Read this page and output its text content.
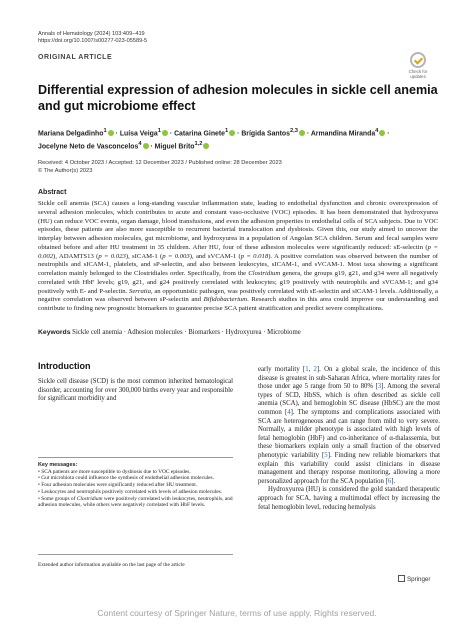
Annals of Hematology (2024) 103:409–419
https://doi.org/10.1007/s00277-023-05589-5
ORIGINAL ARTICLE
Check for
updates
Differential expression of adhesion molecules in sickle cell anemia and gut microbiome effect
Mariana Delgadinho$^1$ · Luísa Veiga$^1$ · Catarina Ginete$^1$ · Brígida Santos$^{2,3}$ · Armandina Miranda$^4$ ·
Jocelyne Neto de Vasconcelos$^4$ · Miguel Brito$^{1,2}$
Received: 4 October 2023 / Accepted: 12 December 2023 / Published online: 28 December 2023
© The Author(s) 2023
Abstract
Sickle cell anemia (SCA) causes a long-standing vascular inflammation state, leading to endothelial dysfunction and chronic overexpression of several adhesion molecules, which contributes to acute and constant vaso-occlusive (VOC) episodes. It has been demonstrated that hydroxyurea (HU) can reduce VOC events, organ damage, blood transfusions, and even the adhesion properties to endothelial cells of SCA subjects. Due to VOC episodes, these patients are also more susceptible to recurrent bacterial translocation and dysbiosis. Given this, our study aimed to uncover the interplay between adhesion molecules, gut microbiome, and hydroxyurea in a population of Angolan SCA children. Serum and fecal samples were obtained before and after HU treatment in 35 children. After HU, four of these adhesion molecules were significantly reduced: sE-selectin (p = 0.002), ADAMTS13 (p = 0.023), sICAM-1 (p = 0.003), and sVCAM-1 (p = 0.018). A positive correlation was observed between the number of neutrophils and sICAM-1, platelets, and sP-selectin, and also between leukocytes, sICAM-1, and sVCAM-1. Most taxa showing a significant correlation mainly belonged to the Clostridiales order. Specifically, from the Clostridium genera, the groups g19, g21, and g34 were all negatively correlated with HbF levels; g19, g21, and g24 positively correlated with leukocytes; g19 positively with neutrophils and sVCAM-1; and g34 positively with E- and P-selectin. Serratia, an opportunistic pathogen, was positively correlated with sE-selectin and sICAM-1 levels. Additionally, a negative correlation was observed between sP-selectin and Bifidobacterium. Research studies in this area could improve our understanding and contribute to finding new prognostic biomarkers to guarantee precise SCA patient stratification and predict severe complications.
Keywords Sickle cell anemia · Adhesion molecules · Biomarkers · Hydroxyurea · Microbiome
Introduction
Sickle cell disease (SCD) is the most common inherited hematological disorder, accounting for over 300,000 births every year and responsible for significant morbidity and
Key messages:
• SCA patients are more susceptible to dysbiosis due to VOC episodes.
• Gut microbiota could influence the synthesis of endothelial adhesion molecules.
• Four adhesion molecules were significantly reduced after HU treatment.
• Leukocytes and neutrophils positively correlated with levels of adhesion molecules.
• Some groups of Clostridium were positively correlated with leukocytes, neutrophils, and adhesion molecules, while others were negatively correlated with HbF levels.
Extended author information available on the last page of the article

early mortality [1, 2]. On a global scale, the incidence of this disease is greatest in sub-Saharan Africa, where mortality rates for those under age 5 range from 50 to 80% [3]. Among the several types of SCD, HbSS, which is often described as sickle cell anemia (SCA), and hemoglobin SC disease (HbSC) are the most common [4]. The symptoms and complications associated with SCA are heterogeneous and can range from mild to very severe. Normally, a milder phenotype is associated with high levels of fetal hemoglobin (HbF) and co-inheritance of α-thalassemia, but these biomarkers explain only a small fraction of the observed phenotypic variability [5]. Finding new reliable biomarkers that explain this variability could assist clinicians in disease management and therapy response monitoring, allowing a more personalized approach for the SCA population [6].

Hydroxyurea (HU) is considered the gold standard therapeutic approach for SCA, having a multimodal effect by increasing the fetal hemoglobin level, reducing hemolysis

Springer
Content courtesy of Springer Nature, terms of use apply. Rights reserved.
